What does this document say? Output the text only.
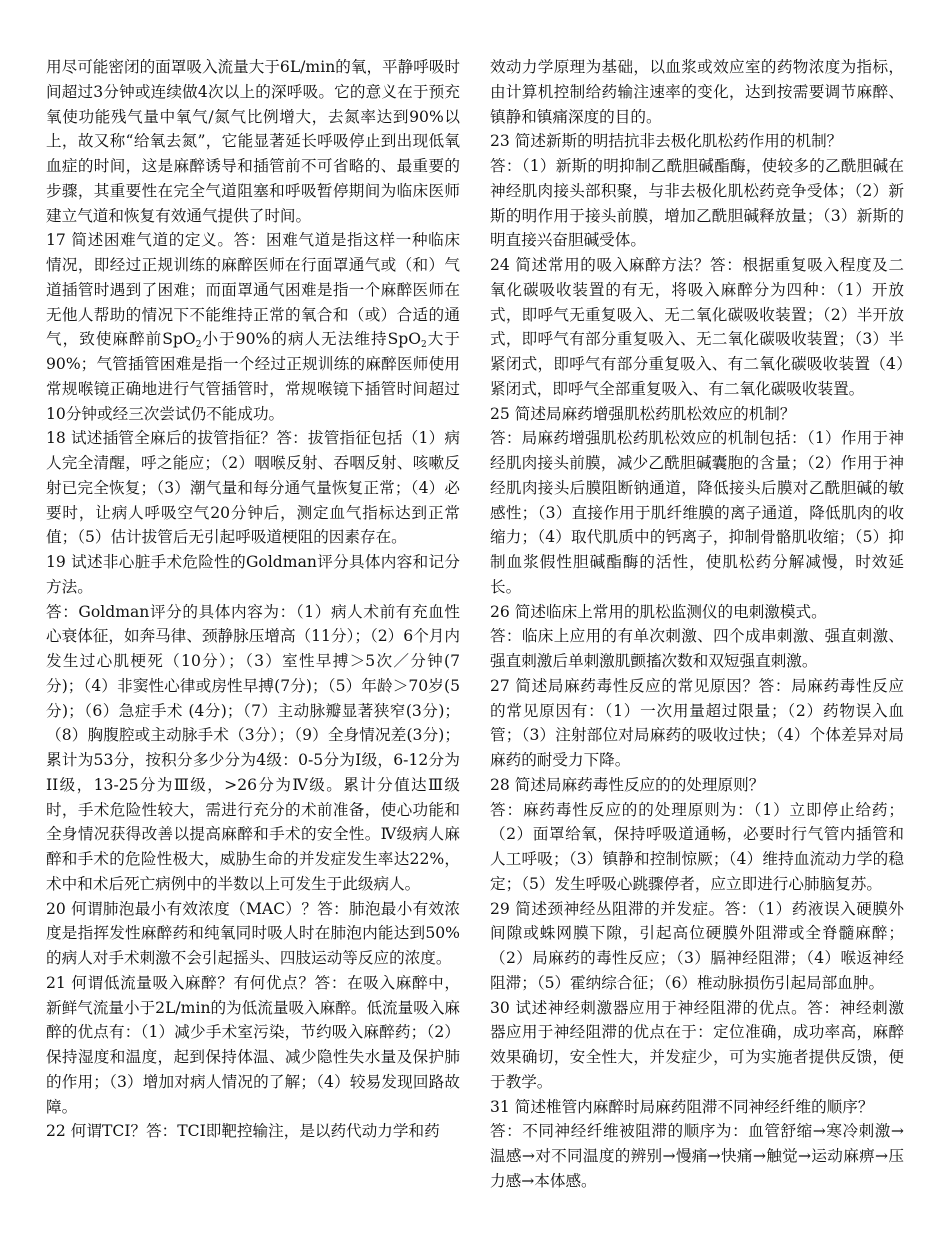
用尽可能密闭的面罩吸入流量大于6L/min的氧，平静呼吸时间超过3分钟或连续做4次以上的深呼吸。它的意义在于预充氧使功能残气量中氧气/氮气比例增大，去氮率达到90%以上，故又称“给氧去氮”，它能显著延长呼吸停止到出现低氧血症的时间，这是麻醉诱导和插管前不可省略的、最重要的步骤，其重要性在完全气道阻塞和呼吸暂停期间为临床医师建立气道和恢复有效通气提供了时间。

17 简述困难气道的定义。答：困难气道是指这样一种临床情况，即经过正规训练的麻醉医师在行面罩通气或（和）气道插管时遇到了困难；而面罩通气困难是指一个麻醉医师在无他人帮助的情况下不能维持正常的氧合和（或）合适的通气，致使麻醉前SpO$_2$小于90%的病人无法维持SpO$_2$大于90%；气管插管困难是指一个经过正规训练的麻醉医师使用常规喉镜正确地进行气管插管时，常规喉镜下插管时间超过10分钟或经三次尝试仍不能成功。

18 试述插管全麻后的拔管指征？答：拔管指征包括（1）病人完全清醒，呼之能应；（2）咽喉反射、吞咽反射、咳嗽反射已完全恢复；（3）潮气量和每分通气量恢复正常；（4）必要时，让病人呼吸空气20分钟后，测定血气指标达到正常值；（5）估计拔管后无引起呼吸道梗阻的因素存在。

19 试述非心脏手术危险性的Goldman评分具体内容和记分方法。

答：Goldman评分的具体内容为：（1）病人术前有充血性心衰体征，如奔马律、颈静脉压增高（11分）；（2）6个月内发生过心肌梗死（10分）；（3）室性早搏＞5次／分钟(7分)；（4）非窦性心律或房性早搏(7分)；（5）年龄＞70岁(5分)；（6）急症手术 (4分)；（7）主动脉瓣显著狭窄(3分)；（8）胸腹腔或主动脉手术（3分）；（9）全身情况差(3分)；累计为53分，按积分多少分为4级：0-5分为I级，6-12分为II级，13-25分为Ⅲ级，>26分为Ⅳ级。累计分值达Ⅲ级时，手术危险性较大，需进行充分的术前准备，使心功能和全身情况获得改善以提高麻醉和手术的安全性。Ⅳ级病人麻醉和手术的危险性极大，威胁生命的并发症发生率达22%，术中和术后死亡病例中的半数以上可发生于此级病人。

20 何谓肺泡最小有效浓度（MAC）？答：肺泡最小有效浓度是指挥发性麻醉药和纯氧同时吸人时在肺泡内能达到50%的病人对手术刺激不会引起摇头、四肢运动等反应的浓度。

21 何谓低流量吸入麻醉？有何优点？答：在吸入麻醉中，新鲜气流量小于2L/min的为低流量吸入麻醉。低流量吸入麻醉的优点有：（1）减少手术室污染，节约吸入麻醉药；（2）保持湿度和温度，起到保持体温、减少隐性失水量及保护肺的作用；（3）增加对病人情况的了解；（4）较易发现回路故障。

22 何谓TCI？答：TCI即靶控输注，是以药代动力学和药

效动力学原理为基础，以血浆或效应室的药物浓度为指标，由计算机控制给药输注速率的变化，达到按需要调节麻醉、镇静和镇痛深度的目的。

23 简述新斯的明拮抗非去极化肌松药作用的机制？

答：（1）新斯的明抑制乙酰胆碱酯酶，使较多的乙酰胆碱在神经肌肉接头部积聚，与非去极化肌松药竞争受体；（2）新斯的明作用于接头前膜，增加乙酰胆碱释放量；（3）新斯的明直接兴奋胆碱受体。

24 简述常用的吸入麻醉方法？答：根据重复吸入程度及二氧化碳吸收装置的有无，将吸入麻醉分为四种：（1）开放式，即呼气无重复吸入、无二氧化碳吸收装置；（2）半开放式，即呼气有部分重复吸入、无二氧化碳吸收装置；（3）半紧闭式，即呼气有部分重复吸入、有二氧化碳吸收装置（4）紧闭式，即呼气全部重复吸入、有二氧化碳吸收装置。

25 简述局麻药增强肌松药肌松效应的机制？

答：局麻药增强肌松药肌松效应的机制包括：（1）作用于神经肌肉接头前膜，减少乙酰胆碱囊胞的含量；（2）作用于神经肌肉接头后膜阻断钠通道，降低接头后膜对乙酰胆碱的敏感性；（3）直接作用于肌纤维膜的离子通道，降低肌肉的收缩力；（4）取代肌质中的钙离子，抑制骨骼肌收缩；（5）抑制血浆假性胆碱酯酶的活性，使肌松药分解减慢，时效延长。

26 简述临床上常用的肌松监测仪的电刺激模式。

答：临床上应用的有单次刺激、四个成串刺激、强直刺激、强直刺激后单刺激肌颤搐次数和双短强直刺激。

27 简述局麻药毒性反应的常见原因？答：局麻药毒性反应的常见原因有：（1）一次用量超过限量；（2）药物误入血管；（3）注射部位对局麻药的吸收过快；（4）个体差异对局麻药的耐受力下降。

28 简述局麻药毒性反应的的处理原则？

答：麻药毒性反应的的处理原则为：（1）立即停止给药；（2）面罩给氧，保持呼吸道通畅，必要时行气管内插管和人工呼吸；（3）镇静和控制惊厥；（4）维持血流动力学的稳定；（5）发生呼吸心跳骤停者，应立即进行心肺脑复苏。

29 简述颈神经丛阻滞的并发症。答：（1）药液误入硬膜外间隙或蛛网膜下隙，引起高位硬膜外阻滞或全脊髓麻醉；（2）局麻药的毒性反应；（3）膈神经阻滞；（4）喉返神经阻滞；（5）霍纳综合征；（6）椎动脉损伤引起局部血肿。

30 试述神经刺激器应用于神经阻滞的优点。答：神经刺激器应用于神经阻滞的优点在于：定位准确，成功率高，麻醉效果确切，安全性大，并发症少，可为实施者提供反馈，便于教学。

31 简述椎管内麻醉时局麻药阻滞不同神经纤维的顺序？

答：不同神经纤维被阻滞的顺序为：血管舒缩→寒冷刺激→温感→对不同温度的辨别→慢痛→快痛→触觉→运动麻痹→压力感→本体感。
